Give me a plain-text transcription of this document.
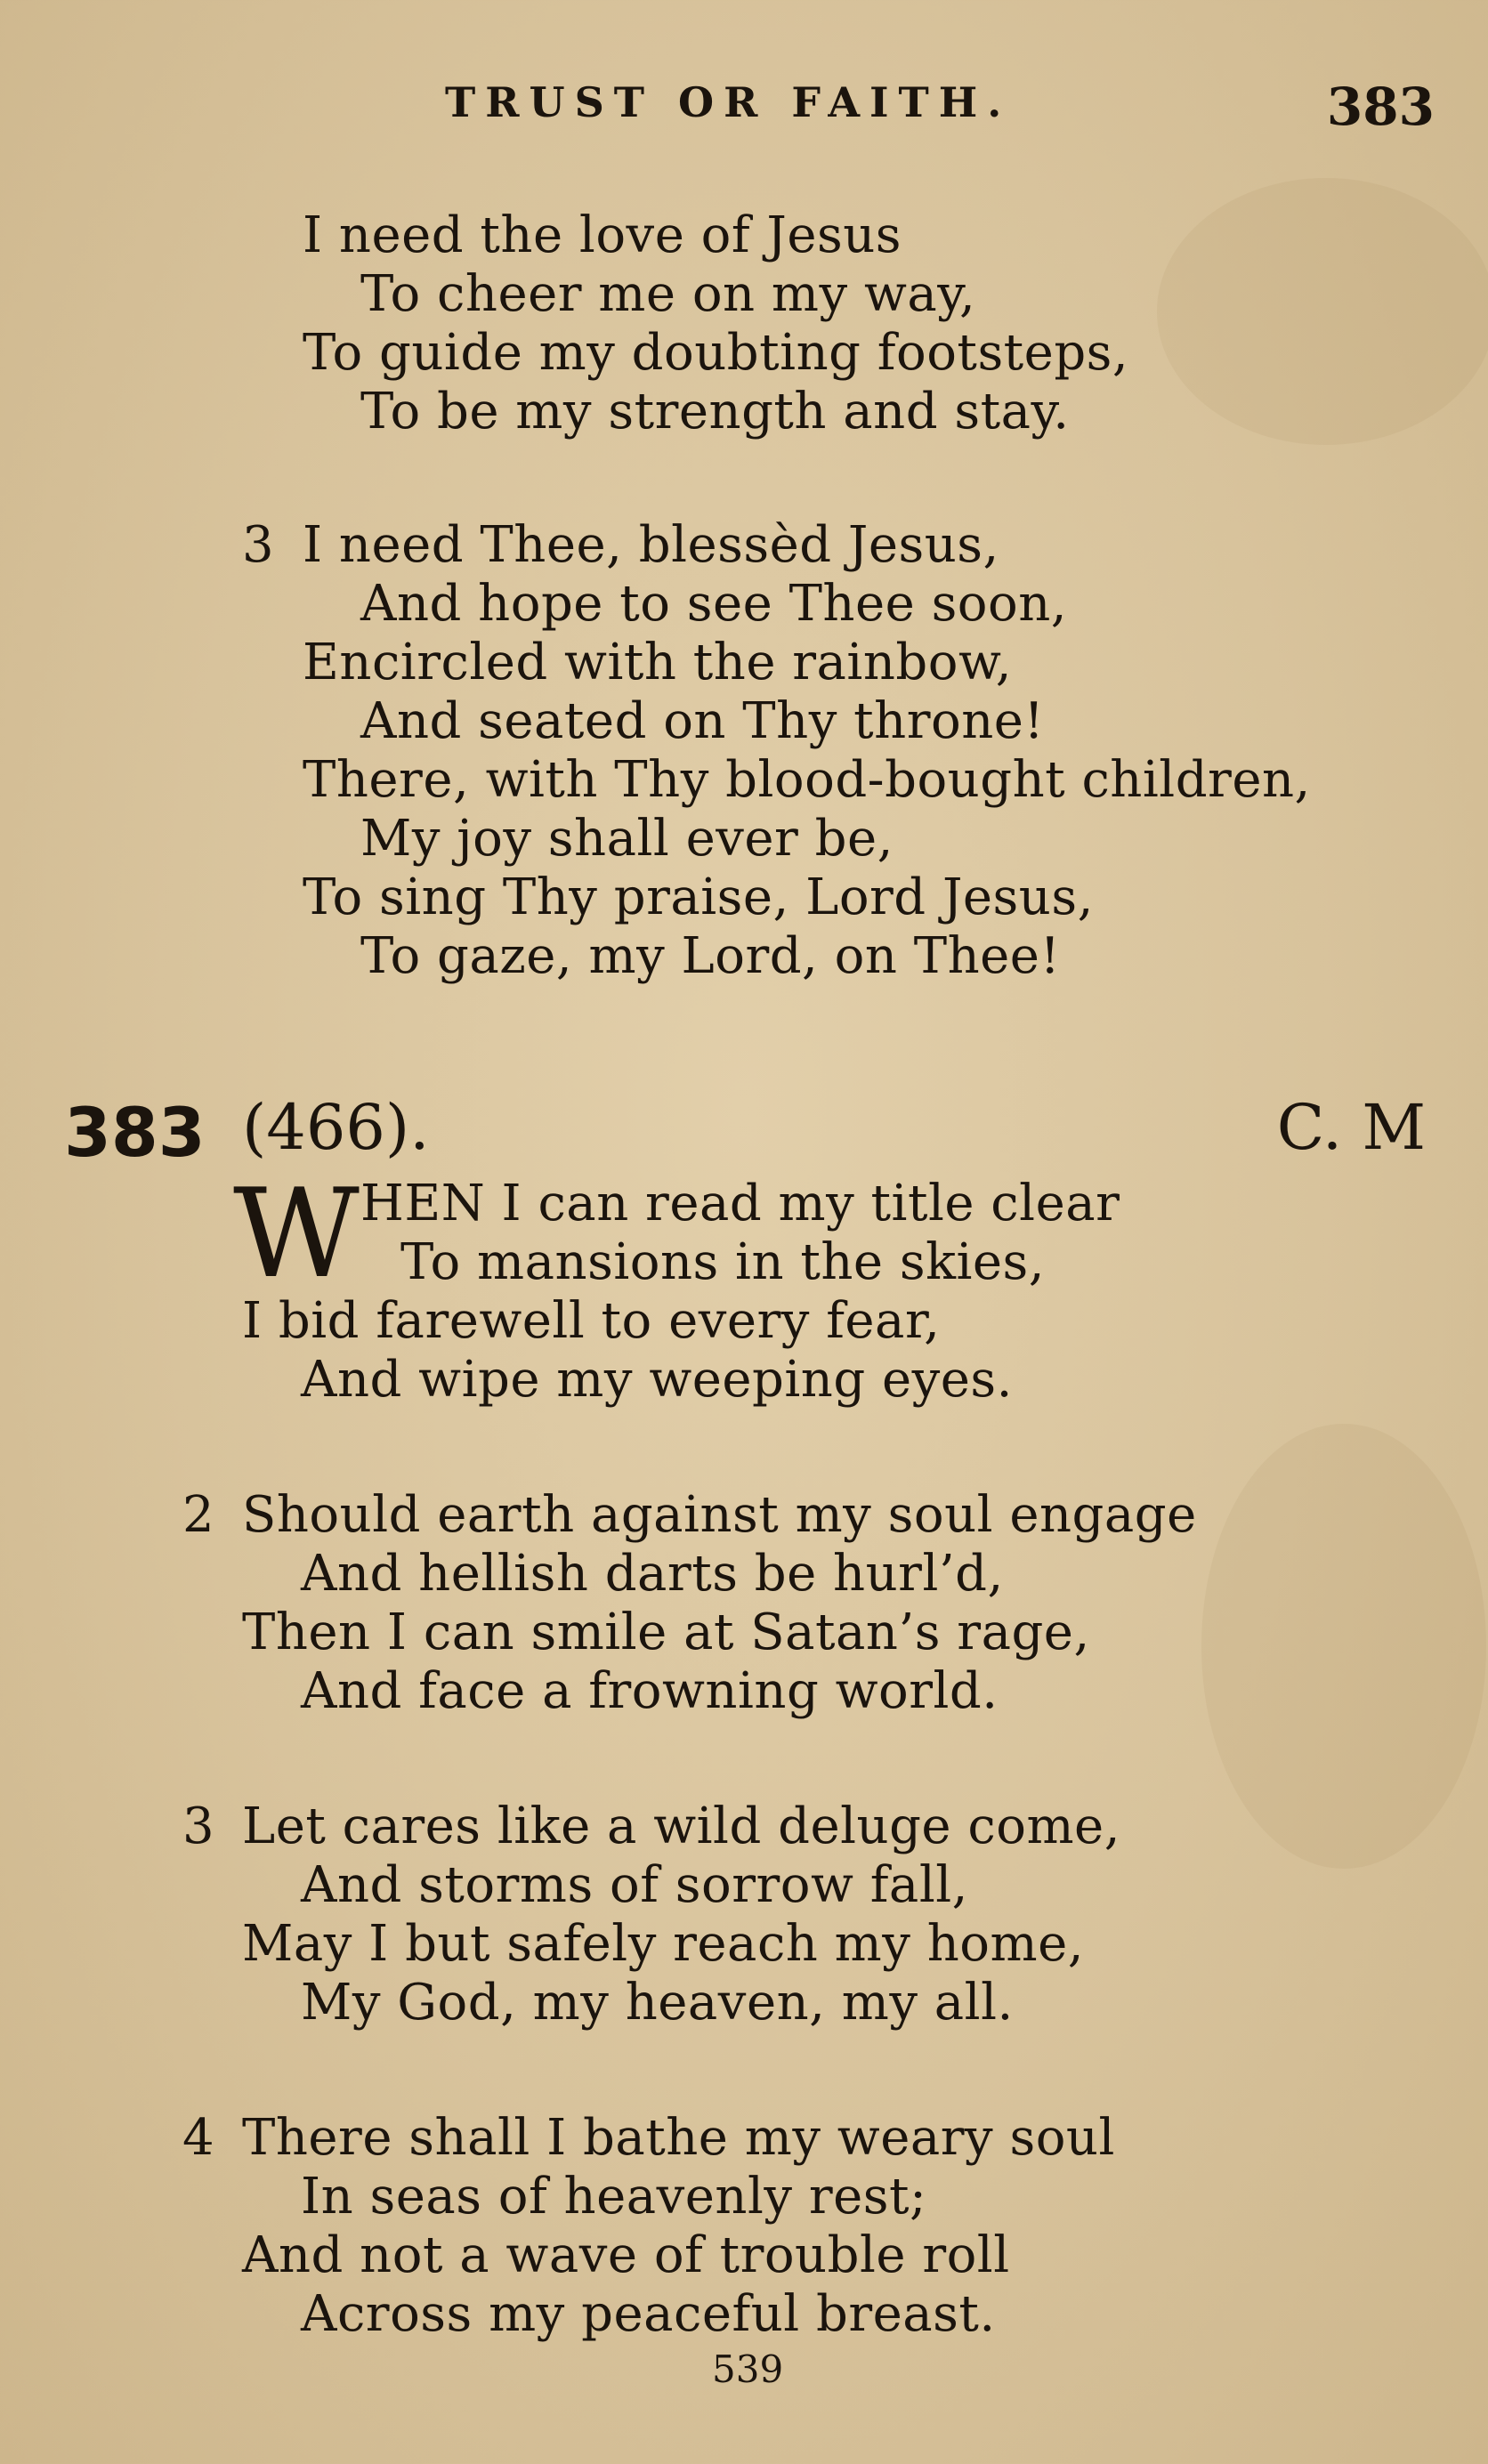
TRUST OR FAITH.	383
I need the love of Jesus
To cheer me on my way,
To guide my doubting footsteps,
To be my strength and stay.
3 I need Thee, blessèd Jesus,
And hope to see Thee soon,
Encircled with the rainbow,
And seated on Thy throne!
There, with Thy blood-bought children,
My joy shall ever be,
To sing Thy praise, Lord Jesus,
To gaze, my Lord, on Thee!
383 (466).	C. M
W HEN I can read my title clear
To mansions in the skies,
I bid farewell to every fear,
And wipe my weeping eyes.
2 Should earth against my soul engage
And hellish darts be hurl’d,
Then I can smile at Satan’s rage,
And face a frowning world.
3 Let cares like a wild deluge come,
And storms of sorrow fall,
May I but safely reach my home,
My God, my heaven, my all.
4 There shall I bathe my weary soul
In seas of heavenly rest;
And not a wave of trouble roll
Across my peaceful breast.
539
